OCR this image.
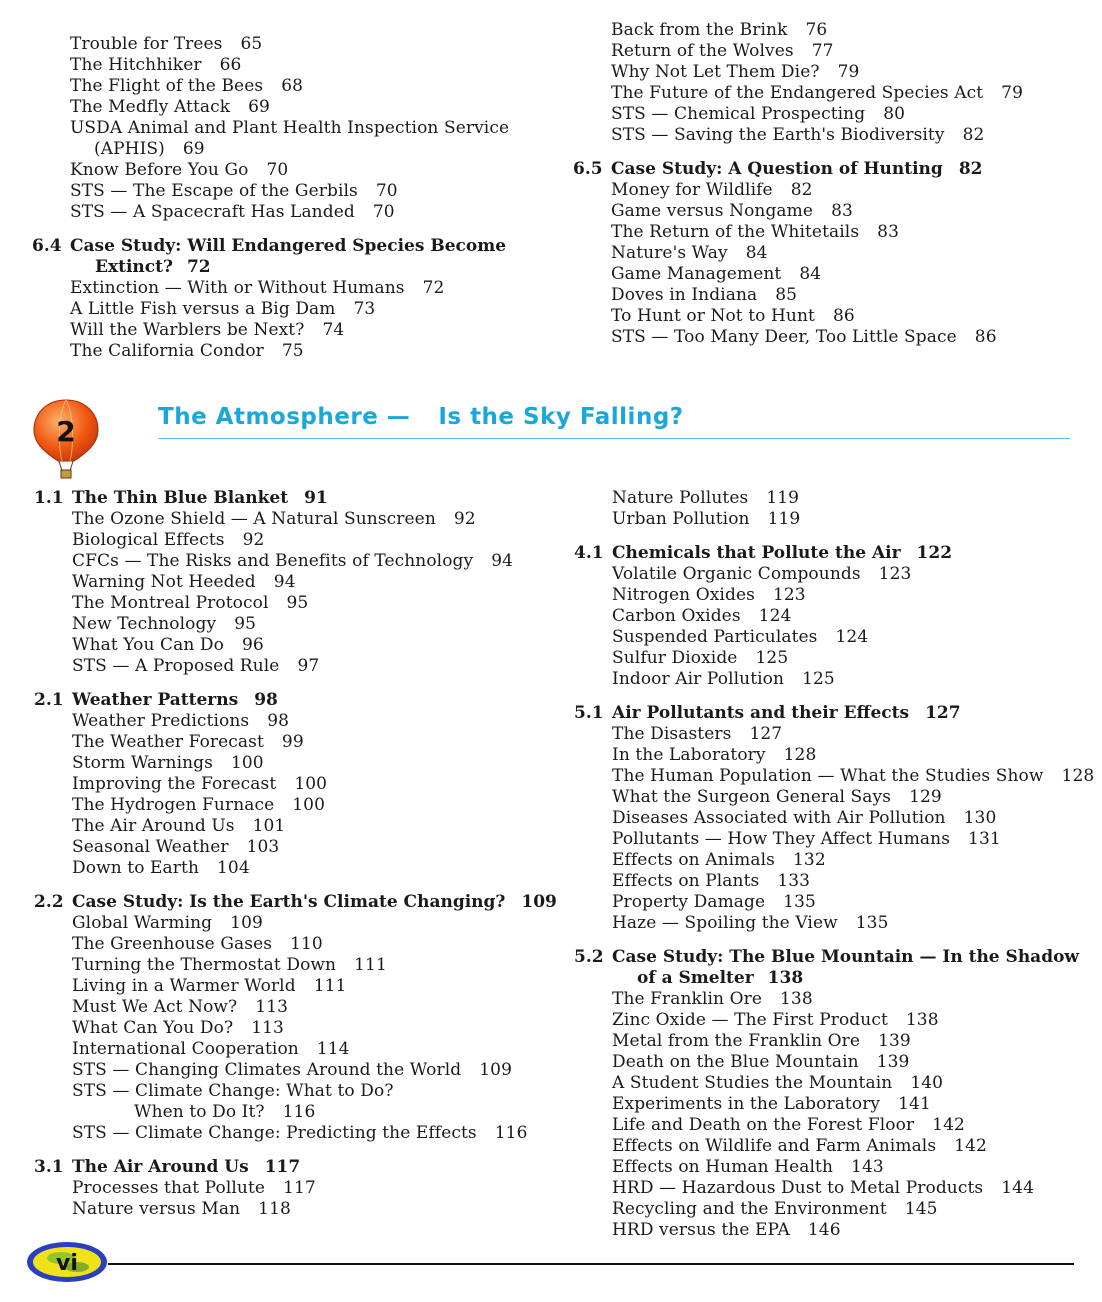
Trouble for Trees 65
The Hitchhiker 66
The Flight of the Bees 68
The Medfly Attack 69
USDA Animal and Plant Health Inspection Service
(APHIS) 69
Know Before You Go 70
STS — The Escape of the Gerbils 70
STS — A Spacecraft Has Landed 70
6.4 Case Study: Will Endangered Species Become
Extinct? 72
Extinction — With or Without Humans 72
A Little Fish versus a Big Dam 73
Will the Warblers be Next? 74
The California Condor 75
Back from the Brink 76
Return of the Wolves 77
Why Not Let Them Die? 79
The Future of the Endangered Species Act 79
STS — Chemical Prospecting 80
STS — Saving the Earth's Biodiversity 82
6.5 Case Study: A Question of Hunting 82
Money for Wildlife 82
Game versus Nongame 83
The Return of the Whitetails 83
Nature's Way 84
Game Management 84
Doves in Indiana 85
To Hunt or Not to Hunt 86
STS — Too Many Deer, Too Little Space 86
2	The Atmosphere — Is the Sky Falling?
1.1 The Thin Blue Blanket 91
The Ozone Shield — A Natural Sunscreen 92
Biological Effects 92
CFCs — The Risks and Benefits of Technology 94
Warning Not Heeded 94
The Montreal Protocol 95
New Technology 95
What You Can Do 96
STS — A Proposed Rule 97
2.1 Weather Patterns 98
Weather Predictions 98
The Weather Forecast 99
Storm Warnings 100
Improving the Forecast 100
The Hydrogen Furnace 100
The Air Around Us 101
Seasonal Weather 103
Down to Earth 104
2.2 Case Study: Is the Earth's Climate Changing? 109
Global Warming 109
The Greenhouse Gases 110
Turning the Thermostat Down 111
Living in a Warmer World 111
Must We Act Now? 113
What Can You Do? 113
International Cooperation 114
STS — Changing Climates Around the World 109
STS — Climate Change: What to Do?
When to Do It? 116
STS — Climate Change: Predicting the Effects 116
3.1 The Air Around Us 117
Processes that Pollute 117
Nature versus Man 118
Nature Pollutes 119
Urban Pollution 119
4.1 Chemicals that Pollute the Air 122
Volatile Organic Compounds 123
Nitrogen Oxides 123
Carbon Oxides 124
Suspended Particulates 124
Sulfur Dioxide 125
Indoor Air Pollution 125
5.1 Air Pollutants and their Effects 127
The Disasters 127
In the Laboratory 128
The Human Population — What the Studies Show 128
What the Surgeon General Says 129
Diseases Associated with Air Pollution 130
Pollutants — How They Affect Humans 131
Effects on Animals 132
Effects on Plants 133
Property Damage 135
Haze — Spoiling the View 135
5.2 Case Study: The Blue Mountain — In the Shadow
of a Smelter 138
The Franklin Ore 138
Zinc Oxide — The First Product 138
Metal from the Franklin Ore 139
Death on the Blue Mountain 139
A Student Studies the Mountain 140
Experiments in the Laboratory 141
Life and Death on the Forest Floor 142
Effects on Wildlife and Farm Animals 142
Effects on Human Health 143
HRD — Hazardous Dust to Metal Products 144
Recycling and the Environment 145
HRD versus the EPA 146
vi
